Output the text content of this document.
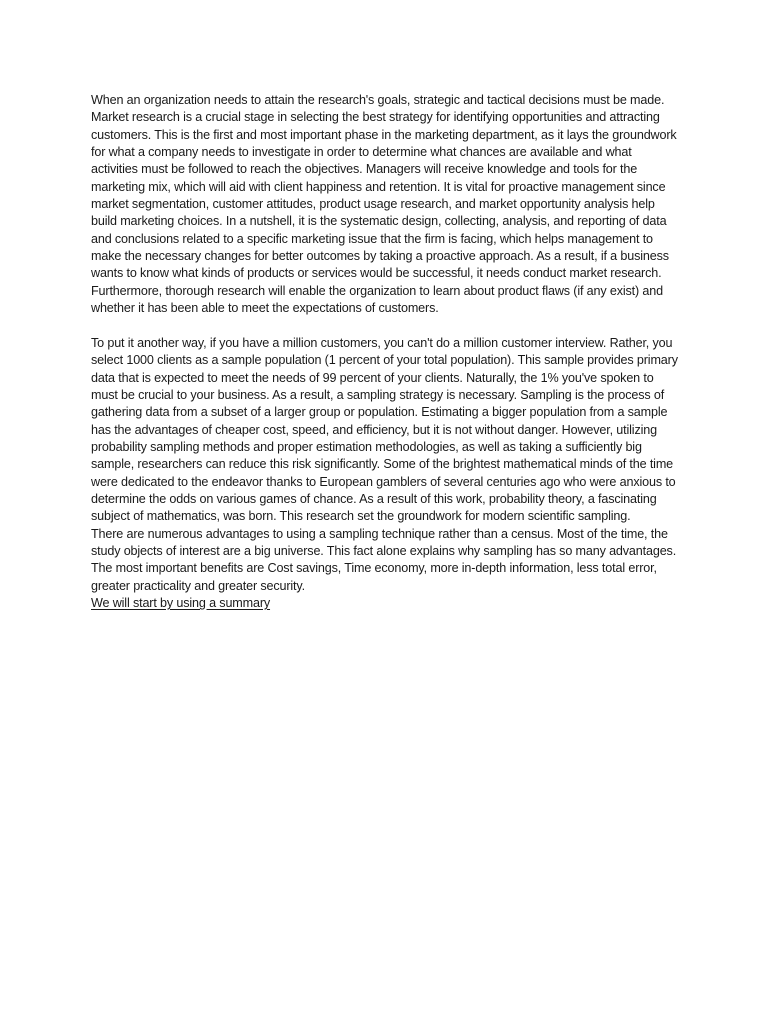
When an organization needs to attain the research's goals, strategic and tactical decisions must be made. Market research is a crucial stage in selecting the best strategy for identifying opportunities and attracting customers. This is the first and most important phase in the marketing department, as it lays the groundwork for what a company needs to investigate in order to determine what chances are available and what activities must be followed to reach the objectives. Managers will receive knowledge and tools for the marketing mix, which will aid with client happiness and retention. It is vital for proactive management since market segmentation, customer attitudes, product usage research, and market opportunity analysis help build marketing choices. In a nutshell, it is the systematic design, collecting, analysis, and reporting of data and conclusions related to a specific marketing issue that the firm is facing, which helps management to make the necessary changes for better outcomes by taking a proactive approach. As a result, if a business wants to know what kinds of products or services would be successful, it needs conduct market research. Furthermore, thorough research will enable the organization to learn about product flaws (if any exist) and whether it has been able to meet the expectations of customers.

To put it another way, if you have a million customers, you can't do a million customer interview. Rather, you select 1000 clients as a sample population (1 percent of your total population). This sample provides primary data that is expected to meet the needs of 99 percent of your clients. Naturally, the 1% you've spoken to must be crucial to your business. As a result, a sampling strategy is necessary. Sampling is the process of gathering data from a subset of a larger group or population. Estimating a bigger population from a sample has the advantages of cheaper cost, speed, and efficiency, but it is not without danger. However, utilizing probability sampling methods and proper estimation methodologies, as well as taking a sufficiently big sample, researchers can reduce this risk significantly. Some of the brightest mathematical minds of the time were dedicated to the endeavor thanks to European gamblers of several centuries ago who were anxious to determine the odds on various games of chance. As a result of this work, probability theory, a fascinating subject of mathematics, was born. This research set the groundwork for modern scientific sampling.

There are numerous advantages to using a sampling technique rather than a census. Most of the time, the study objects of interest are a big universe. This fact alone explains why sampling has so many advantages.

The most important benefits are Cost savings, Time economy, more in-depth information, less total error, greater practicality and greater security.

We will start by using a summary
